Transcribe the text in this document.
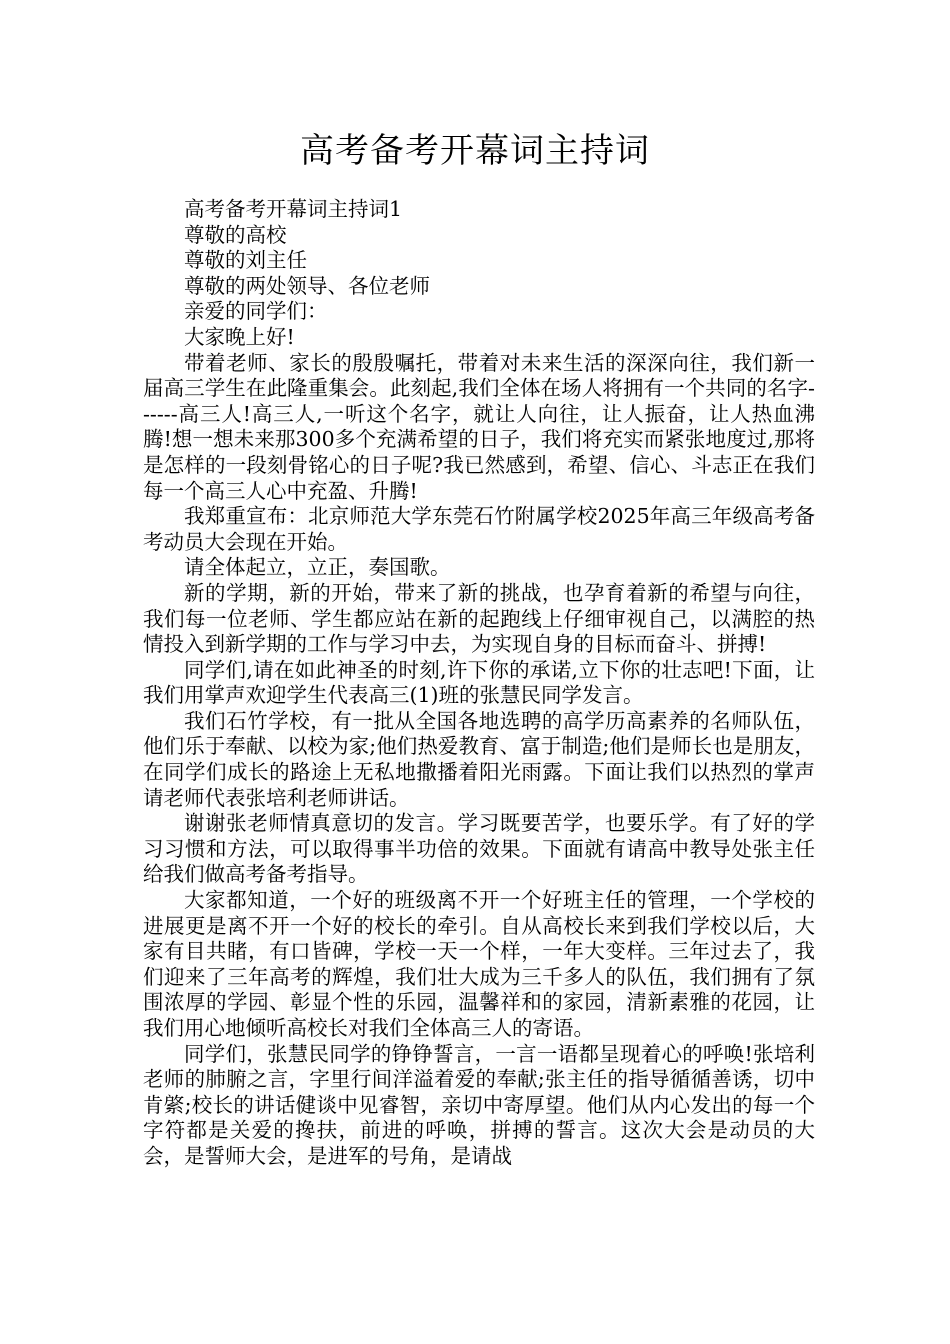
高考备考开幕词主持词

高考备考开幕词主持词1

尊敬的高校

尊敬的刘主任

尊敬的两处领导、各位老师

亲爱的同学们：

大家晚上好!

带着老师、家长的殷殷嘱托，带着对未来生活的深深向往，我们新一届高三学生在此隆重集会。此刻起,我们全体在场人将拥有一个共同的名字------高三人!高三人,一听这个名字，就让人向往，让人振奋，让人热血沸腾!想一想未来那300多个充满希望的日子，我们将充实而紧张地度过,那将是怎样的一段刻骨铭心的日子呢?我已然感到，希望、信心、斗志正在我们每一个高三人心中充盈、升腾!

我郑重宣布：北京师范大学东莞石竹附属学校2025年高三年级高考备考动员大会现在开始。

请全体起立，立正，奏国歌。

新的学期，新的开始，带来了新的挑战，也孕育着新的希望与向往，我们每一位老师、学生都应站在新的起跑线上仔细审视自己，以满腔的热情投入到新学期的工作与学习中去，为实现自身的目标而奋斗、拼搏!

同学们,请在如此神圣的时刻,许下你的承诺,立下你的壮志吧!下面，让我们用掌声欢迎学生代表高三(1)班的张慧民同学发言。

我们石竹学校，有一批从全国各地选聘的高学历高素养的名师队伍，他们乐于奉献、以校为家;他们热爱教育、富于制造;他们是师长也是朋友，在同学们成长的路途上无私地撒播着阳光雨露。下面让我们以热烈的掌声请老师代表张培利老师讲话。

谢谢张老师情真意切的发言。学习既要苦学，也要乐学。有了好的学习习惯和方法，可以取得事半功倍的效果。下面就有请高中教导处张主任给我们做高考备考指导。

大家都知道，一个好的班级离不开一个好班主任的管理，一个学校的进展更是离不开一个好的校长的牵引。自从高校长来到我们学校以后，大家有目共睹，有口皆碑，学校一天一个样，一年大变样。三年过去了，我们迎来了三年高考的辉煌，我们壮大成为三千多人的队伍，我们拥有了氛围浓厚的学园、彰显个性的乐园，温馨祥和的家园，清新素雅的花园，让我们用心地倾听高校长对我们全体高三人的寄语。

同学们，张慧民同学的铮铮誓言，一言一语都呈现着心的呼唤!张培利老师的肺腑之言，字里行间洋溢着爱的奉献;张主任的指导循循善诱，切中肯綮;校长的讲话健谈中见睿智，亲切中寄厚望。他们从内心发出的每一个字符都是关爱的搀扶，前进的呼唤，拼搏的誓言。这次大会是动员的大会，是誓师大会，是进军的号角，是请战
